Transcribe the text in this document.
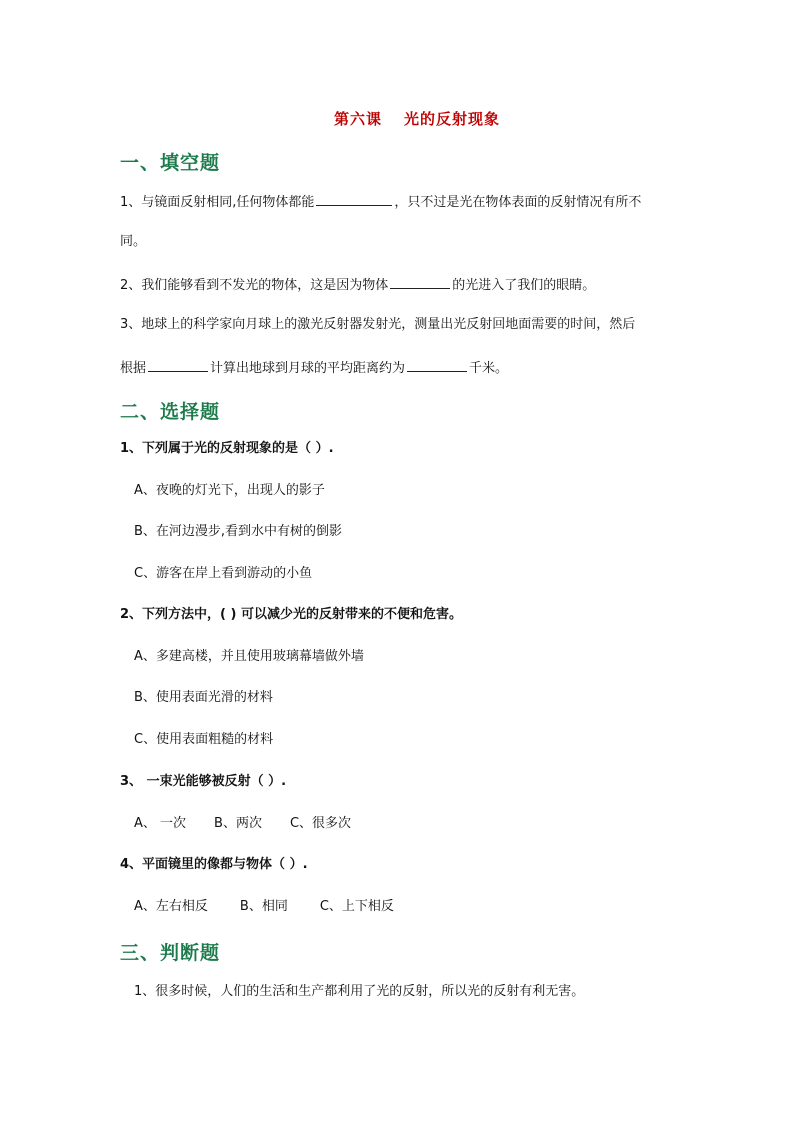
第六课 光的反射现象
一、填空题
1、与镜面反射相同,任何物体都能	，只不过是光在物体表面的反射情况有所不
同。
2、我们能够看到不发光的物体，这是因为物体	的光进入了我们的眼睛。
3、地球上的科学家向月球上的激光反射器发射光，测量出光反射回地面需要的时间，然后
根据	计算出地球到月球的平均距离约为	千米。
二、选择题
1、下列属于光的反射现象的是（ ）.
A、夜晚的灯光下，出现人的影子
B、在河边漫步,看到水中有树的倒影
C、游客在岸上看到游动的小鱼
2、下列方法中，( ) 可以减少光的反射带来的不便和危害。
A、多建高楼，并且使用玻璃幕墙做外墙
B、使用表面光滑的材料
C、使用表面粗糙的材料
3、 一束光能够被反射（ ）.
A、 一次 B、两次 C、很多次
4、平面镜里的像都与物体（ ）.
A、左右相反 B、相同 C、上下相反
三、判断题
1、很多时候，人们的生活和生产都利用了光的反射，所以光的反射有利无害。
